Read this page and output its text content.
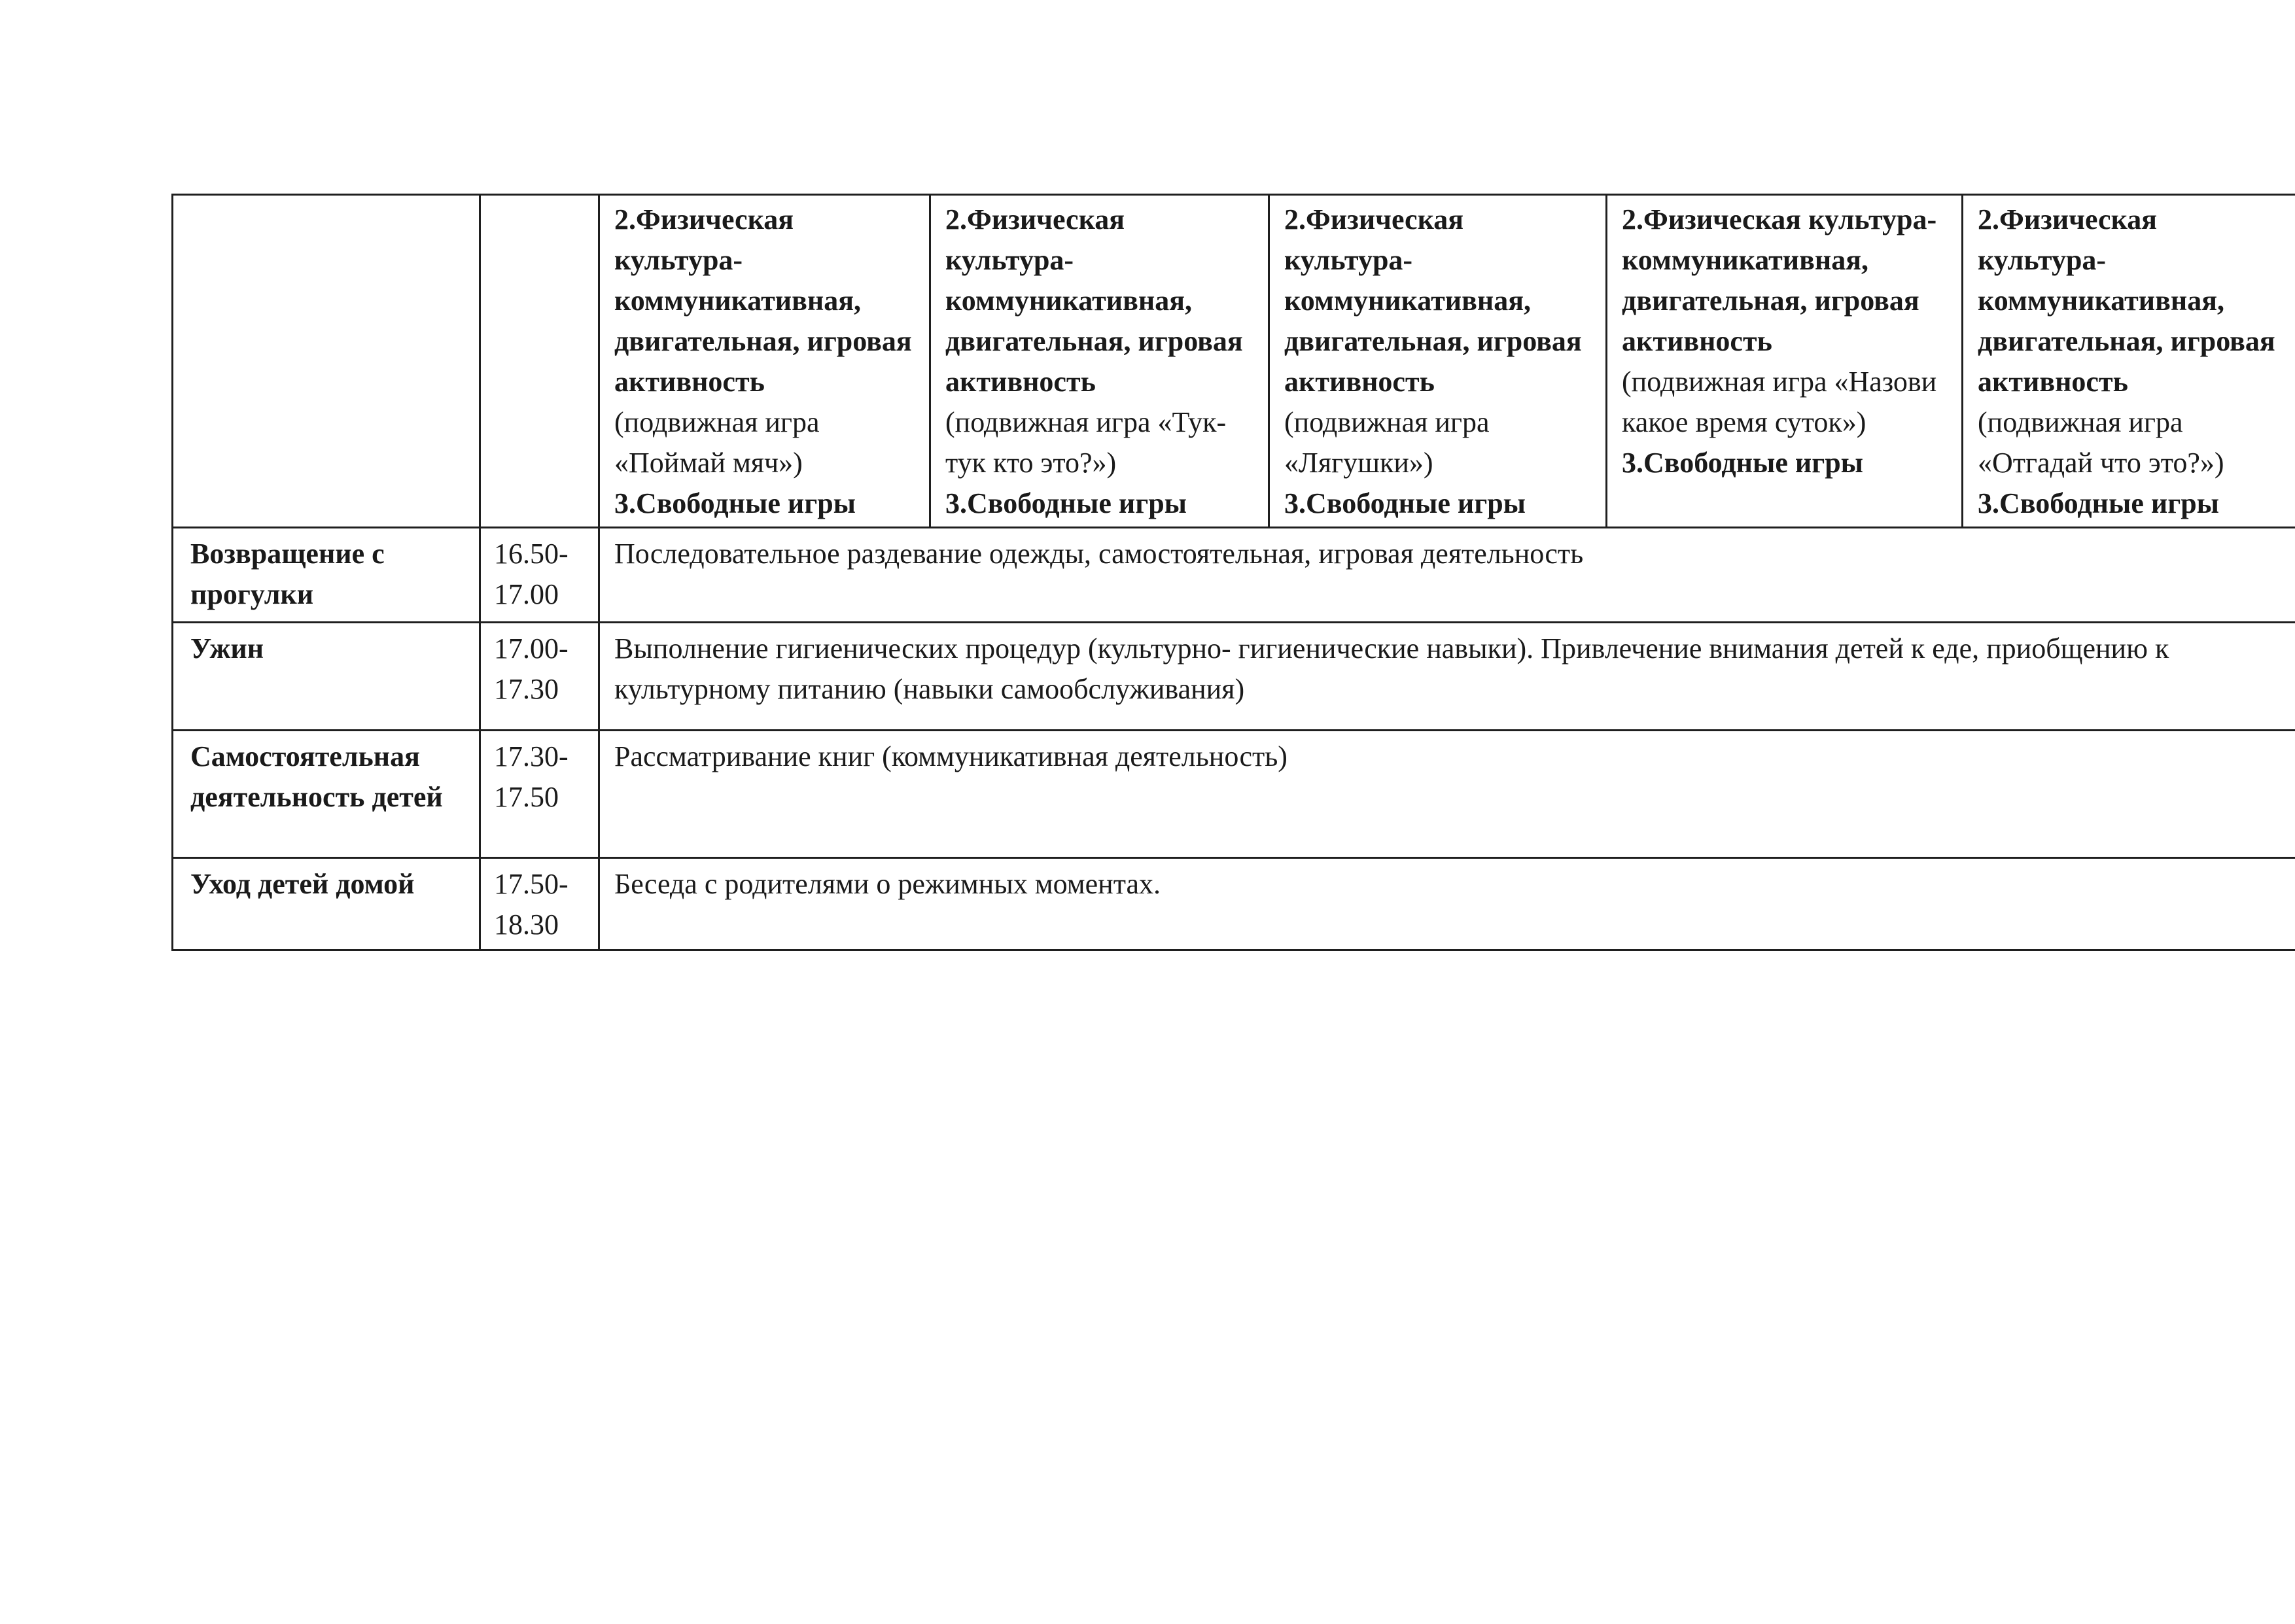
		2.Физическая культура-коммуникативная, двигательная, игровая активность
(подвижная игра «Поймай мяч»)
3.Свободные игры	2.Физическая культура-коммуникативная, двигательная, игровая активность
(подвижная игра «Тук-тук кто это?»)
3.Свободные игры	2.Физическая культура-коммуникативная, двигательная, игровая активность
(подвижная игра «Лягушки»)
3.Свободные игры	2.Физическая культура-коммуникативная, двигательная, игровая активность
(подвижная игра «Назови какое время суток»)
3.Свободные игры	2.Физическая культура-коммуникативная, двигательная, игровая активность
(подвижная игра «Отгадай что это?»)
3.Свободные игры

Возвращение с прогулки	16.50-17.00	Последовательное раздевание одежды, самостоятельная, игровая деятельность				
Ужин	17.00-17.30	Выполнение гигиенических процедур (культурно- гигиенические навыки). Привлечение внимания детей к еде, приобщению к культурному питанию (навыки самообслуживания)				
Самостоятельная деятельность детей	17.30-17.50	Рассматривание книг (коммуникативная деятельность)				
Уход детей домой	17.50-18.30	Беседа с родителями о режимных моментах.				
